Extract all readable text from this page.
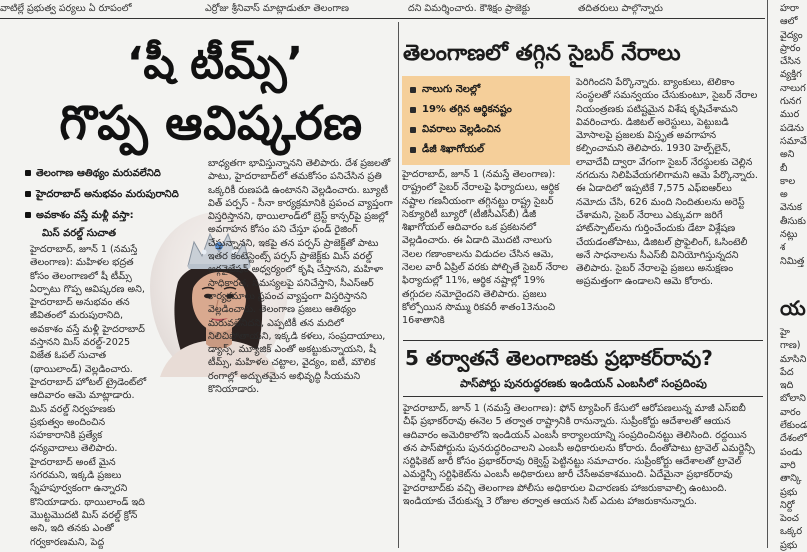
వాటిల్లే ప్రభుత్వ పర్యలు ఏ రూపంలో	ఎర్రోజు శ్రీనివాస్ మాట్లాడుతూ తెలంగాణ	దని విమర్శించారు. కౌశిక్షం ప్రాజెక్టు	తదితరులు పాల్గొన్నారు
‘షీ టీమ్స్’
గొప్ప ఆవిష్కరణ
తెలంగాణ ఆతిథ్యం మరువలేనిది
హైదరాబాద్ అనుభవం మరుపురానిది
అవకాశం వస్తే మళ్లీ వస్తా:
మిస్ వరల్డ్ సుచాత
హైదరాబాద్, జూన్ 1 (నమస్తే తెలంగాణ): మహిళల భద్రత కోసం తెలంగాణలో షీ టీమ్స్ ఏర్పాటు గొప్ప ఆవిష్కరణ అని, హైదరాబాద్ అనుభవం తన జీవితంలో మరుపురానిది, అవకాశం వస్తే మళ్లీ హైదరాబాద్ వస్తానని మిస్ వరల్డ్-2025 విజేత ఓపల్ సుచాత (థాయిలాండ్) వెల్లడించారు. హైదరాబాద్ హోటల్ ట్రైడెంట్‌లో ఆదివారం ఆమె మాట్లాడారు. మిస్ వరల్డ్ నిర్వహణకు ప్రభుత్వం అందించిన సహకారానికి ప్రత్యేక ధన్యవాదాలు తెలిపారు. హైదరాబాద్ అంటే మైన సగరమని, ఇక్కడి ప్రజలు స్నేహపూర్వకంగా ఉన్నారని కొనియాడారు. థాయిలాండ్ ఇది మొట్టమొదటి మిస్ వరల్డ్ క్రోన్ అని, ఇది తనకు ఎంతో గర్వకారణమని, పెద్ద
బాధ్యతగా భావిస్తున్నానని తెలిపారు. దేశ ప్రజలతో పాటు, హైదరాబాద్‌లో తమకోసం పనిచేసిన ప్రతి ఒక్కరికీ రుణపడి ఉంటానని వెల్లడించారు. బ్యూటీ విత్ పర్పస్ - సీనా కార్యక్రమానికి ప్రపంచ వ్యాప్తంగా విస్తరిస్తానని, థాయిలాండ్‌లో బ్రెస్ట్ కాన్సర్‌పై ప్రజల్లో అవగాహన కోసం పని చేస్తూ ఫండ్ రైజింగ్ చేస్తున్నానని, ఇకపై తన పర్పస్ ప్రాజెక్ట్‌తో పాటు ఇతర కంటెస్టెంట్స్ పర్పస్ ప్రాజెక్ట్‌కు మిస్ వరల్డ్ ఆర్గనైజేషన్ అధ్వర్యంలో కృషి చేస్తానని, మహిళా సాధికారత, సమస్యలపై పనిచేస్తాని, సీఎస్ఆర్ కార్యక్రమాలు ప్రపంచ వ్యాప్తంగా విస్తరిస్తానని వెల్లడించారు. తెలంగాణ ప్రజలు ఆతిథ్యం మరువలేనిదని, ఎప్పటికీ తన మదిలో నిలిచిపోతాయని, ఇక్కడి కళలు, సంప్రదాయాలు, డ్యాన్స్, మ్యూజిక్ ఎంతో అకట్టుకున్నాయని, షీ టీమ్స్, మహిళల చట్టాల, వైద్యం, ఐటీ, మౌలిక రంగాల్లో అద్భుతమైన అభివృద్ధి సీయమని కొనియాడారు.
తెలంగాణలో తగ్గిన సైబర్ నేరాలు
నాలుగు నెలల్లో
19% తగ్గిన ఆర్థికనష్టం
వివరాలు వెల్లడించిన
డీజీ శిఖాగోయల్
హైదరాబాద్, జూన్ 1 (నమస్తే తెలంగాణ): రాష్ట్రంలో సైబర్ నేరాలపై ఫిర్యాదులు, ఆర్థిక నష్టాల గణనీయంగా తగ్గినట్టు రాష్ట్ర సైబర్ సెక్యూరిటీ బ్యూరో (టీజీసీఎస్‌బీ) డీజీ శిఖాగోయల్ ఆదివారం ఒక ప్రకటనలో వెల్లడించారు. ఈ ఏడాది మొదటి నాలుగు నెలల గణాంకాలను విడుదల చేసిన ఆమె, నెలల వారీ ఏప్రిల్ వరకు పోల్చితే సైబర్ నేరాల ఫిర్యాదుల్లో 11%, ఆర్థిక నష్టాల్లో 19% తగ్గుదల నమోదైందని తెలిపారు. ప్రజలు కోల్పోయిన సొమ్ము రికవరీ శాతం13నుంచి 16శాతానికి
పెరిగిందని పేర్కొన్నారు. బ్యాంకులు, టెలికాం సంస్థలతో సమన్వయం చేసుకుంటూ, సైబర్ నేరాల నియంత్రణకు పటిష్టమైన విశేష కృషిచేశామని వివరించారు. డిజిటల్ అరెస్టులు, పెట్టుబడి మోసాలపై ప్రజలకు విస్తృత అవగాహన కల్పించామని తెలిపారు. 1930 హెల్ప్‌లైన్, లావాదేవీ ద్వారా వేగంగా సైబర్ నేరస్థులకు చెల్లిన నగదును నిలిపివేయగలిగామని ఆమె పేర్కొన్నారు. ఈ ఏడాదిలో ఇప్పటికే 7,575 ఎఫ్ఐఆర్‌లు నమోదు చేసి, 626 మంది నిందితులను అరెస్ట్ చేశామని, సైబర్ నేరాలు ఎక్కువగా జరిగే హాట్‌స్పాట్‌లను గుర్తించేందుకు డేటా విశ్లేషణ చేయడంతోపాటు, డిజిటల్ ప్రొఫైలింగ్, ఓసింటెలీ అనే సాధనాలను సీఎస్‌బీ వినియోగిస్తున్నదని తెలిపారు. సైబర్ నేరాలపై ప్రజలు అనుక్షణం అప్రమత్తంగా ఉండాలని ఆమె కోరారు.
5 తర్వాతనే తెలంగాణకు ప్రభాకర్‌రావు?
పాస్‌పోర్టు పునరుద్ధరణకు ఇండియన్ ఎంబసీలో సంప్రదింపు
హైదరాబాద్, జూన్ 1 (నమస్తే తెలంగాణ): ఫోన్ ట్యాపింగ్ కేసులో ఆరోపణలున్న మాజీ ఎస్ఐబీ చీఫ్ ప్రభాకర్‌రావు ఈనెల 5 తర్వాత రాష్ట్రానికి రానున్నారు. సుప్రీంకోర్టు ఆదేశాలతో ఆయన ఆదివారం అమెరికాలోని ఇండియన్ ఎంబసీ కార్యాలయాన్ని సంప్రదించినట్టు తెలిసింది. రద్దయిన తన పాస్‌పోర్టును పునరుద్ధరించాలని ఎంబసీ అధికారులను కోరారు. దీంతోపాటు ట్రావెల్ ఎమర్జెన్సీ సర్టిఫికెట్ జారీ కోసం ప్రభాకర్‌రావు రిక్వెస్ట్ పెట్టినట్టు సమాచారం. సుప్రీంకోర్టు ఆదేశాలతో ట్రావెల్ ఎమర్జెన్సీ సర్టిఫికెట్‌ను ఎంబసీ అధికారులు జారీ చేసేఅవకాశముంది. ఏదేమైనా ప్రభాకర్‌రావు హైదరాబాద్‌కు వచ్చి తెలంగాణ పోలీసు అధికారుల విచారణకు హాజరుకావాల్సి ఉంటుంది. ఇండియాకు చేరుకున్న 3 రోజుల తర్వాత ఆయన సిట్ ఎదుట హాజరుకానున్నారు.
హరా ఆలో వైద్యం ప్రారం చేసిన వ్యక్తిగ నాలుగ గునగ ముర పడెను సమావే అని బీ కాల అ వెనుక తీసుకు నట్లు శ నిమిత్త
య
హై గాణ) మాసిని పేద ఇది బోలాని వారం లేకుండ దేశంలో పండు వారి తాన్కి ప్రభు నిర్దో పెంచ ఒక్కర ప్రభు
